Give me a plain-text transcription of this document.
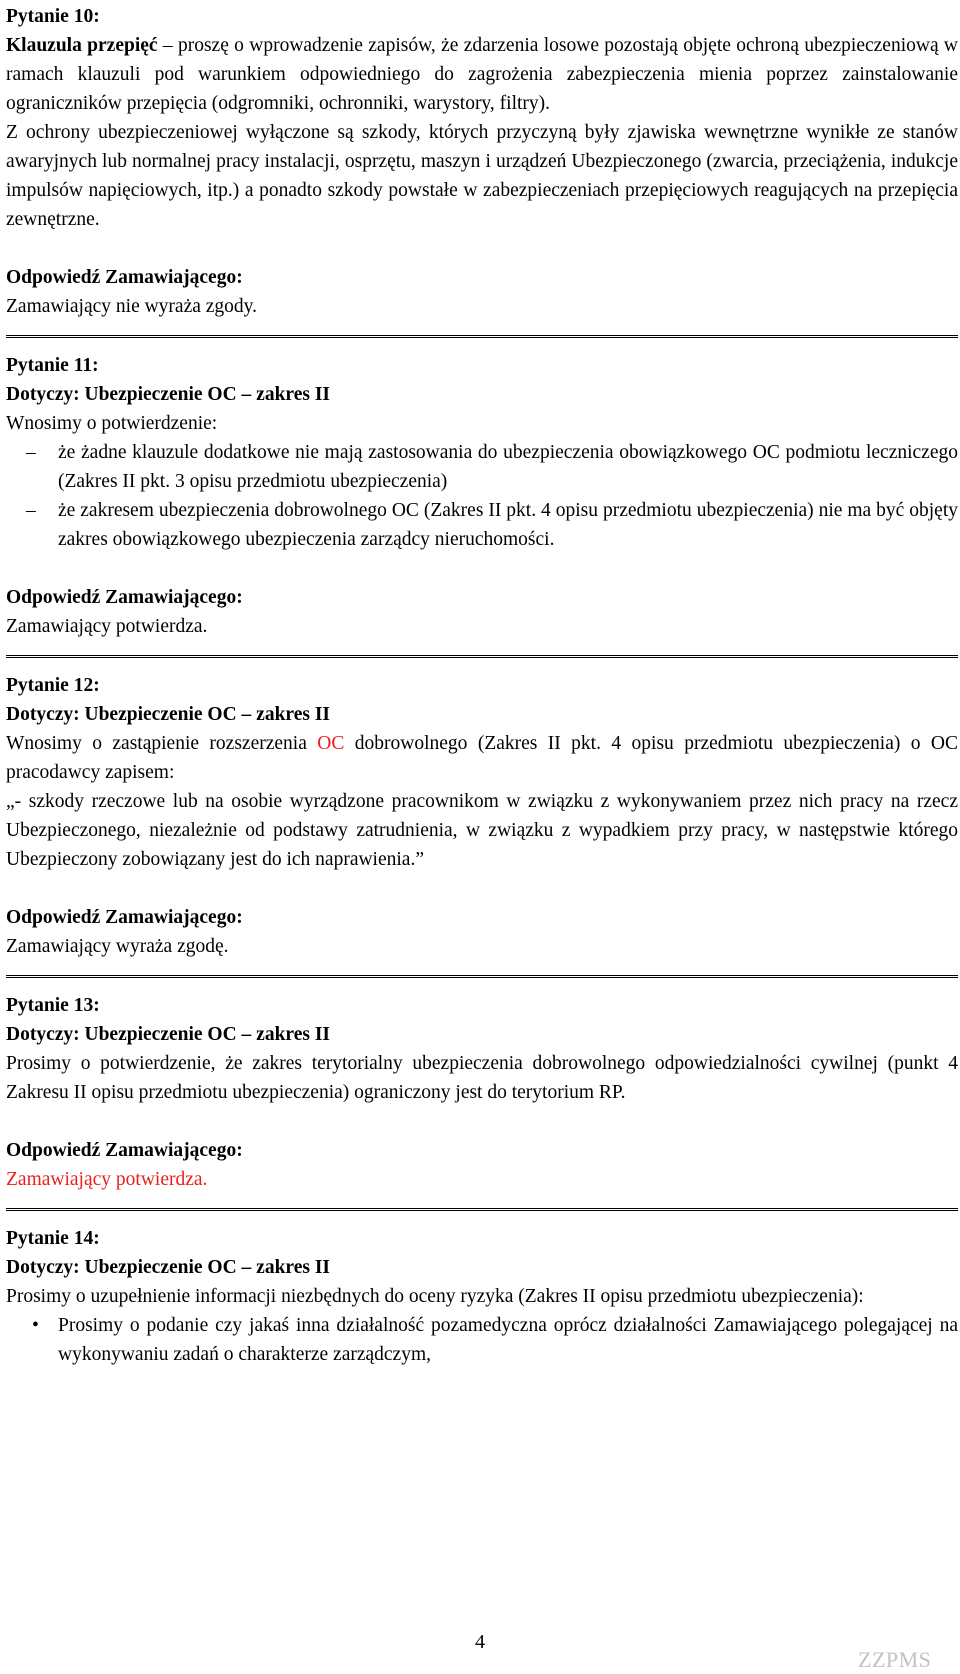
Pytanie 10:

Klauzula przepięć – proszę o wprowadzenie zapisów, że zdarzenia losowe pozostają objęte ochroną ubezpieczeniową w ramach klauzuli pod warunkiem odpowiedniego do zagrożenia zabezpieczenia mienia poprzez zainstalowanie ograniczników przepięcia (odgromniki, ochronniki, warystory, filtry).

Z ochrony ubezpieczeniowej wyłączone są szkody, których przyczyną były zjawiska wewnętrzne wynikłe ze stanów awaryjnych lub normalnej pracy instalacji, osprzętu, maszyn i urządzeń Ubezpieczonego (zwarcia, przeciążenia, indukcje impulsów napięciowych, itp.) a ponadto szkody powstałe w zabezpieczeniach przepięciowych reagujących na przepięcia zewnętrzne.

Odpowiedź Zamawiającego:

Zamawiający nie wyraża zgody.

Pytanie 11:

Dotyczy: Ubezpieczenie OC – zakres II

Wnosimy o potwierdzenie:

– że żadne klauzule dodatkowe nie mają zastosowania do ubezpieczenia obowiązkowego OC podmiotu leczniczego (Zakres II pkt. 3 opisu przedmiotu ubezpieczenia)
– że zakresem ubezpieczenia dobrowolnego OC (Zakres II pkt. 4 opisu przedmiotu ubezpieczenia) nie ma być objęty zakres obowiązkowego ubezpieczenia zarządcy nieruchomości.

Odpowiedź Zamawiającego:

Zamawiający potwierdza.

Pytanie 12:

Dotyczy: Ubezpieczenie OC – zakres II

Wnosimy o zastąpienie rozszerzenia OC dobrowolnego (Zakres II pkt. 4 opisu przedmiotu ubezpieczenia) o OC pracodawcy zapisem:

„- szkody rzeczowe lub na osobie wyrządzone pracownikom w związku z wykonywaniem przez nich pracy na rzecz Ubezpieczonego, niezależnie od podstawy zatrudnienia, w związku z wypadkiem przy pracy, w następstwie którego Ubezpieczony zobowiązany jest do ich naprawienia.”

Odpowiedź Zamawiającego:

Zamawiający wyraża zgodę.

Pytanie 13:

Dotyczy: Ubezpieczenie OC – zakres II

Prosimy o potwierdzenie, że zakres terytorialny ubezpieczenia dobrowolnego odpowiedzialności cywilnej (punkt 4 Zakresu II opisu przedmiotu ubezpieczenia) ograniczony jest do terytorium RP.

Odpowiedź Zamawiającego:

Zamawiający potwierdza.

Pytanie 14:

Dotyczy: Ubezpieczenie OC – zakres II

Prosimy o uzupełnienie informacji niezbędnych do oceny ryzyka (Zakres II opisu przedmiotu ubezpieczenia):

• Prosimy o podanie czy jakaś inna działalność pozamedyczna oprócz działalności Zamawiającego polegającej na wykonywaniu zadań o charakterze zarządczym,
4
ZZPMS
